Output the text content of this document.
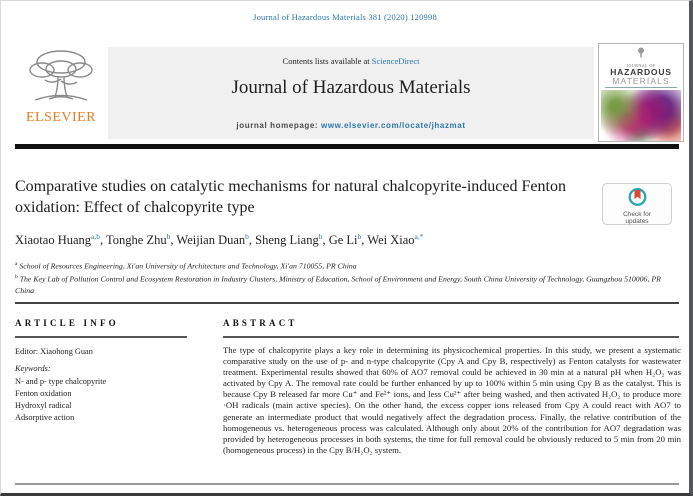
Journal of Hazardous Materials 381 (2020) 120998
ELSEVIER
Contents lists available at ScienceDirect
Journal of Hazardous Materials
journal homepage: www.elsevier.com/locate/jhazmat
JOURNAL OF
HAZARDOUS
MATERIALS
Comparative studies on catalytic mechanisms for natural chalcopyrite-induced Fenton oxidation: Effect of chalcopyrite type	Check for
updates
Xiaotao Huang$^{a,b}$, Tonghe Zhu$^b$, Weijian Duan$^b$, Sheng Liang$^b$, Ge Li$^b$, Wei Xiao$^{a,*}$
$^a$ School of Resources Engineering, Xi'an University of Architecture and Technology, Xi'an 710055, PR China
$^b$ The Key Lab of Pollution Control and Ecosystem Restoration in Industry Clusters, Ministry of Education, School of Environment and Energy, South China University of Technology, Guangzhou 510006, PR China
ARTICLE INFO
Editor: Xiaohong Guan
Keywords:
N- and p- type chalcopyrite
Fenton oxidation
Hydroxyl radical
Adsorptive action
ABSTRACT
The type of chalcopyrite plays a key role in determining its physicochemical properties. In this study, we present a systematic comparative study on the use of p- and n-type chalcopyrite (Cpy A and Cpy B, respectively) as Fenton catalysts for wastewater treatment. Experimental results showed that 60% of AO7 removal could be achieved in 30 min at a natural pH when H₂O₂ was activated by Cpy A. The removal rate could be further enhanced by up to 100% within 5 min using Cpy B as the catalyst. This is because Cpy B released far more Cu⁺ and Fe²⁺ ions, and less Cu²⁺ after being washed, and then activated H₂O₂ to produce more ·OH radicals (main active species). On the other hand, the excess copper ions released from Cpy A could react with AO7 to generate an intermediate product that would negatively affect the degradation process. Finally, the relative contribution of the homogeneous vs. heterogeneous process was calculated. Although only about 20% of the contribution for AO7 degradation was provided by heterogeneous processes in both systems, the time for full removal could be obviously reduced to 5 min from 20 min (homogeneous process) in the Cpy B/H₂O₂ system.
